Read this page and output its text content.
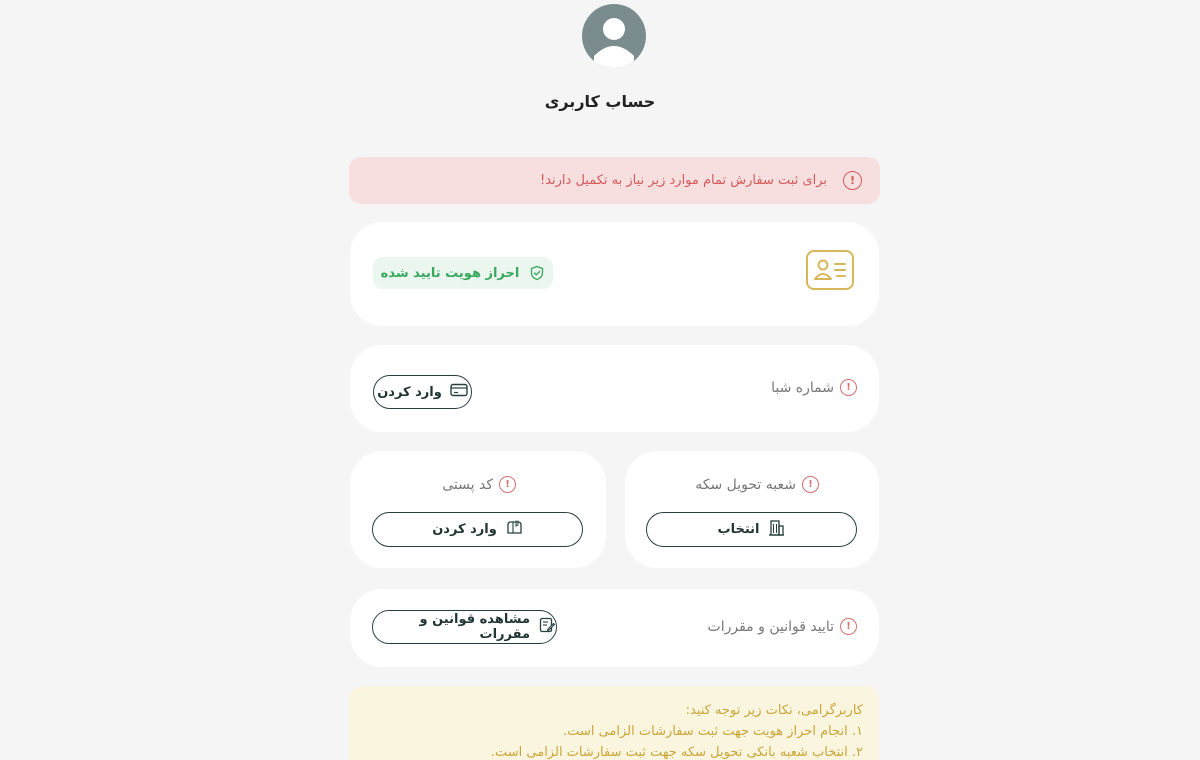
حساب کاربری
!
برای ثبت سفارش تمام موارد زیر نیاز به تکمیل دارند!
احراز هویت تایید شده
!
شماره شبا
وارد کردن
!
شعبه تحویل سکه
انتخاب
!
کد پستی
وارد کردن
!
تایید قوانین و مقررات
مشاهده قوانین و مقررات

کاربرگرامی، نکات زیر توجه کنید:

۱. انجام احراز هویت جهت ثبت سفارشات الزامی است.

۲. انتخاب شعبه بانکی تحویل سکه جهت ثبت سفارشات الزامی است.
